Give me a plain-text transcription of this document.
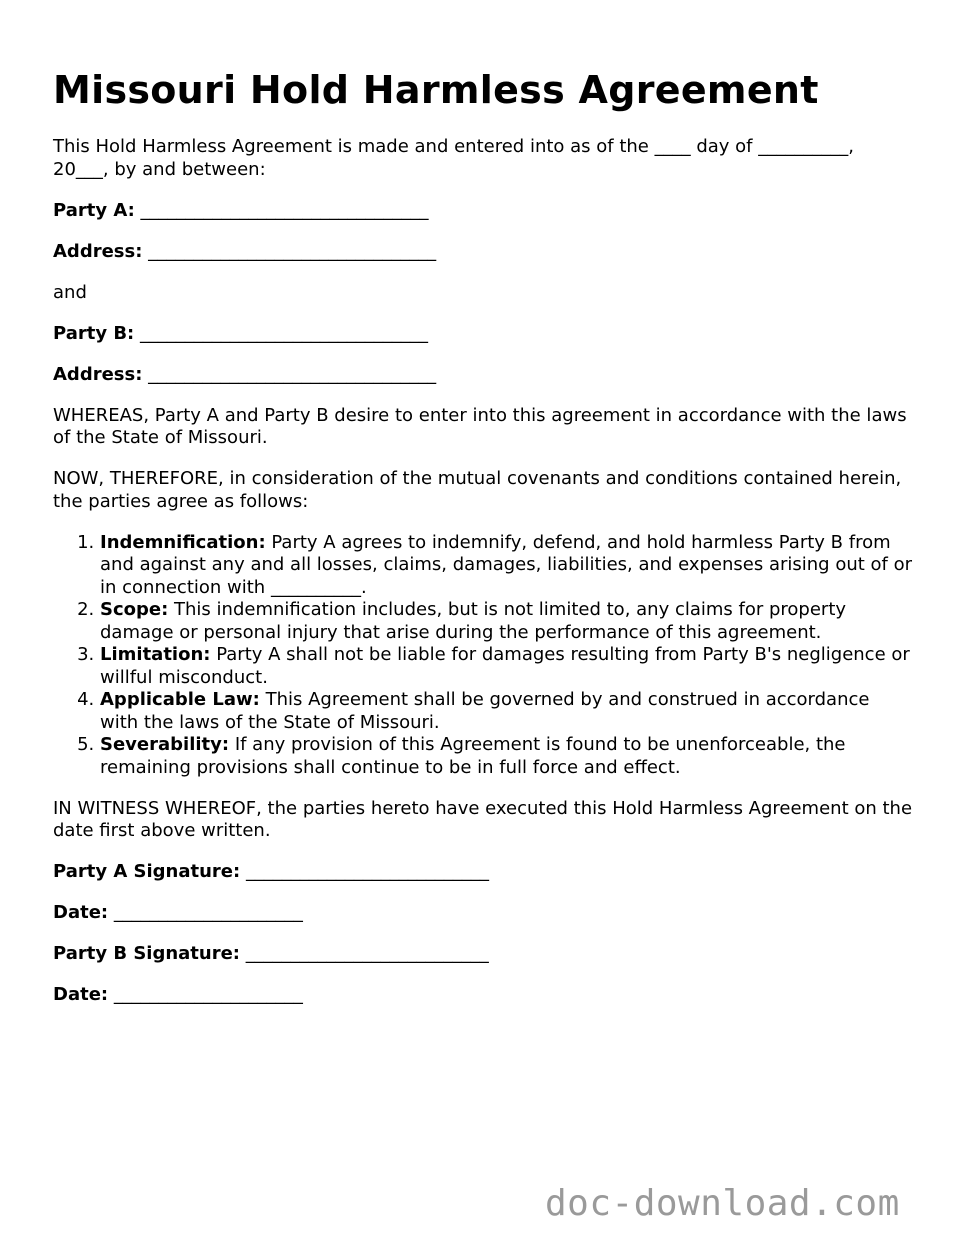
Missouri Hold Harmless Agreement

This Hold Harmless Agreement is made and entered into as of the ____ day of __________, 20___, by and between:

Party A: ________________________________

Address: ________________________________

and

Party B: ________________________________

Address: ________________________________

WHEREAS, Party A and Party B desire to enter into this agreement in accordance with the laws of the State of Missouri.

NOW, THEREFORE, in consideration of the mutual covenants and conditions contained herein, the parties agree as follows:

1. Indemnification: Party A agrees to indemnify, defend, and hold harmless Party B from and against any and all losses, claims, damages, liabilities, and expenses arising out of or in connection with __________.
2. Scope: This indemnification includes, but is not limited to, any claims for property damage or personal injury that arise during the performance of this agreement.
3. Limitation: Party A shall not be liable for damages resulting from Party B's negligence or willful misconduct.
4. Applicable Law: This Agreement shall be governed by and construed in accordance with the laws of the State of Missouri.
5. Severability: If any provision of this Agreement is found to be unenforceable, the remaining provisions shall continue to be in full force and effect.

IN WITNESS WHEREOF, the parties hereto have executed this Hold Harmless Agreement on the date first above written.

Party A Signature: ___________________________

Date: _____________________

Party B Signature: ___________________________

Date: _____________________

doc-download.com
